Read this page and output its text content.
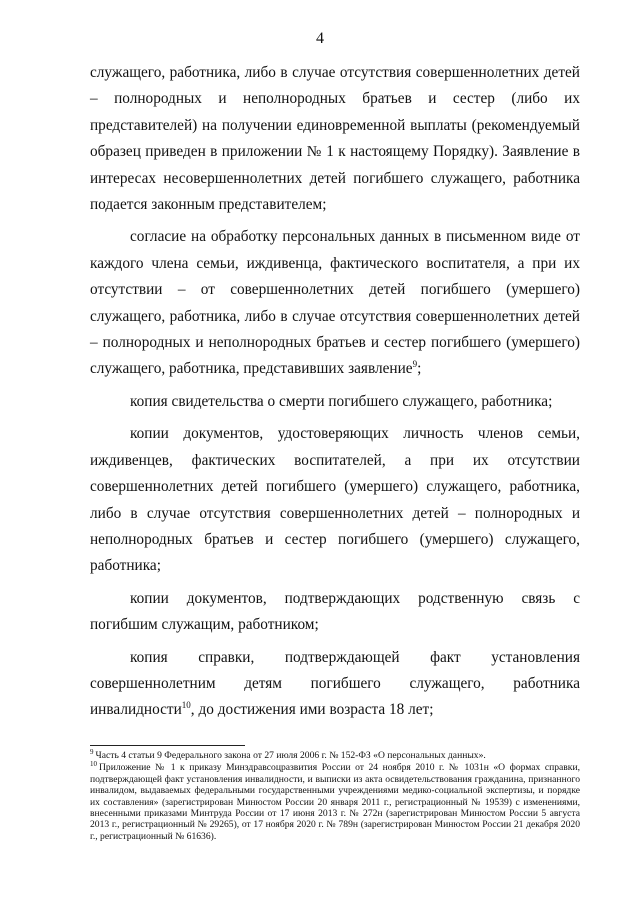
4

служащего, работника, либо в случае отсутствия совершеннолетних детей – полнородных и неполнородных братьев и сестер (либо их представителей) на получении единовременной выплаты (рекомендуемый образец приведен в приложении № 1 к настоящему Порядку). Заявление в интересах несовершеннолетних детей погибшего служащего, работника подается законным представителем;

согласие на обработку персональных данных в письменном виде от каждого члена семьи, иждивенца, фактического воспитателя, а при их отсутствии – от совершеннолетних детей погибшего (умершего) служащего, работника, либо в случае отсутствия совершеннолетних детей – полнородных и неполнородных братьев и сестер погибшего (умершего) служащего, работника, представивших заявление$^9$;

копия свидетельства о смерти погибшего служащего, работника;

копии документов, удостоверяющих личность членов семьи, иждивенцев, фактических воспитателей, а при их отсутствии совершеннолетних детей погибшего (умершего) служащего, работника, либо в случае отсутствия совершеннолетних детей – полнородных и неполнородных братьев и сестер погибшего (умершего) служащего, работника;

копии документов, подтверждающих родственную связь с погибшим служащим, работником;

копия справки, подтверждающей факт установления совершеннолетним детям погибшего служащего, работника инвалидности$^{10}$, до достижения ими возраста 18 лет;

$^9$ Часть 4 статьи 9 Федерального закона от 27 июля 2006 г. № 152-ФЗ «О персональных данных».

$^{10}$ Приложение № 1 к приказу Минздравсоцразвития России от 24 ноября 2010 г. № 1031н «О формах справки, подтверждающей факт установления инвалидности, и выписки из акта освидетельствования гражданина, признанного инвалидом, выдаваемых федеральными государственными учреждениями медико-социальной экспертизы, и порядке их составления» (зарегистрирован Минюстом России 20 января 2011 г., регистрационный № 19539) с изменениями, внесенными приказами Минтруда России от 17 июня 2013 г. № 272н (зарегистрирован Минюстом России 5 августа 2013 г., регистрационный № 29265), от 17 ноября 2020 г. № 789н (зарегистрирован Минюстом России 21 декабря 2020 г., регистрационный № 61636).
